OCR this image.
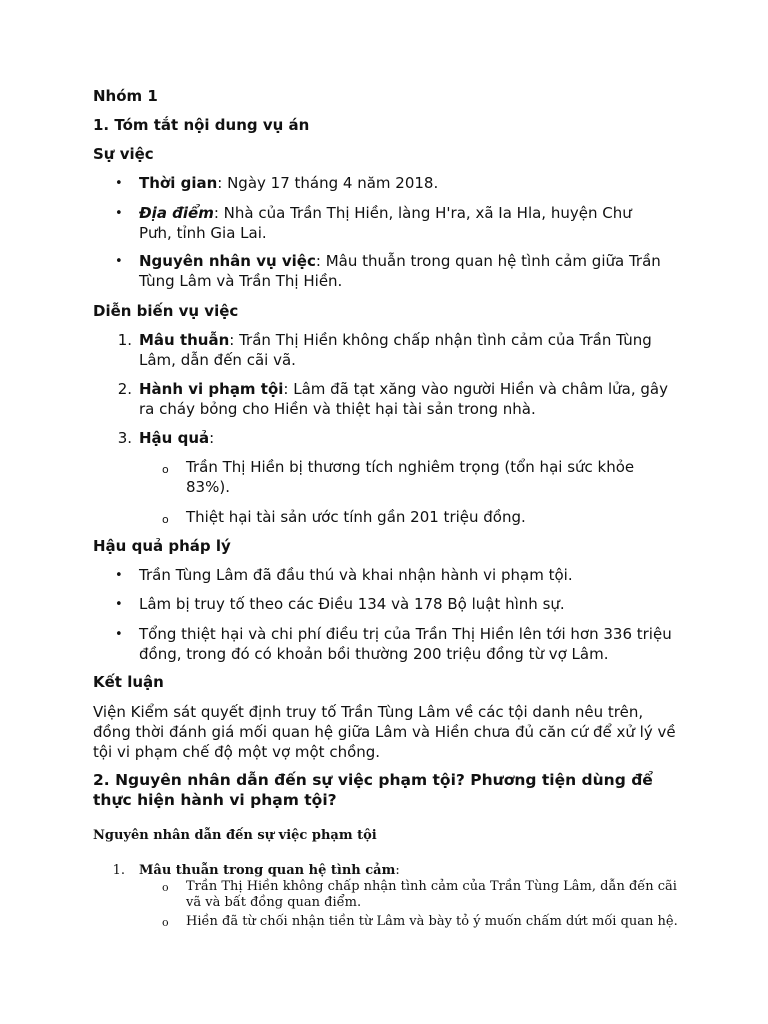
Nhóm 1
1. Tóm tắt nội dung vụ án
Sự việc
• Thời gian: Ngày 17 tháng 4 năm 2018.

• Địa điểm: Nhà của Trần Thị Hiền, làng H'ra, xã Ia Hla, huyện Chư Pưh, tỉnh Gia Lai.

• Nguyên nhân vụ việc: Mâu thuẫn trong quan hệ tình cảm giữa Trần Tùng Lâm và Trần Thị Hiền.

Diễn biến vụ việc
1. Mâu thuẫn: Trần Thị Hiền không chấp nhận tình cảm của Trần Tùng Lâm, dẫn đến cãi vã.

2. Hành vi phạm tội: Lâm đã tạt xăng vào người Hiền và châm lửa, gây ra cháy bỏng cho Hiền và thiệt hại tài sản trong nhà.

3. Hậu quả:

o Trần Thị Hiền bị thương tích nghiêm trọng (tổn hại sức khỏe 83%).

o Thiệt hại tài sản ước tính gần 201 triệu đồng.

Hậu quả pháp lý
• Trần Tùng Lâm đã đầu thú và khai nhận hành vi phạm tội.

• Lâm bị truy tố theo các Điều 134 và 178 Bộ luật hình sự.

• Tổng thiệt hại và chi phí điều trị của Trần Thị Hiền lên tới hơn 336 triệu đồng, trong đó có khoản bồi thường 200 triệu đồng từ vợ Lâm.

Kết luận

Viện Kiểm sát quyết định truy tố Trần Tùng Lâm về các tội danh nêu trên, đồng thời đánh giá mối quan hệ giữa Lâm và Hiền chưa đủ căn cứ để xử lý về tội vi phạm chế độ một vợ một chồng.

2. Nguyên nhân dẫn đến sự việc phạm tội? Phương tiện dùng để thực hiện hành vi phạm tội?

Nguyên nhân dẫn đến sự việc phạm tội
1. Mâu thuẫn trong quan hệ tình cảm:

o Trần Thị Hiền không chấp nhận tình cảm của Trần Tùng Lâm, dẫn đến cãi vã và bất đồng quan điểm.

o Hiền đã từ chối nhận tiền từ Lâm và bày tỏ ý muốn chấm dứt mối quan hệ.
